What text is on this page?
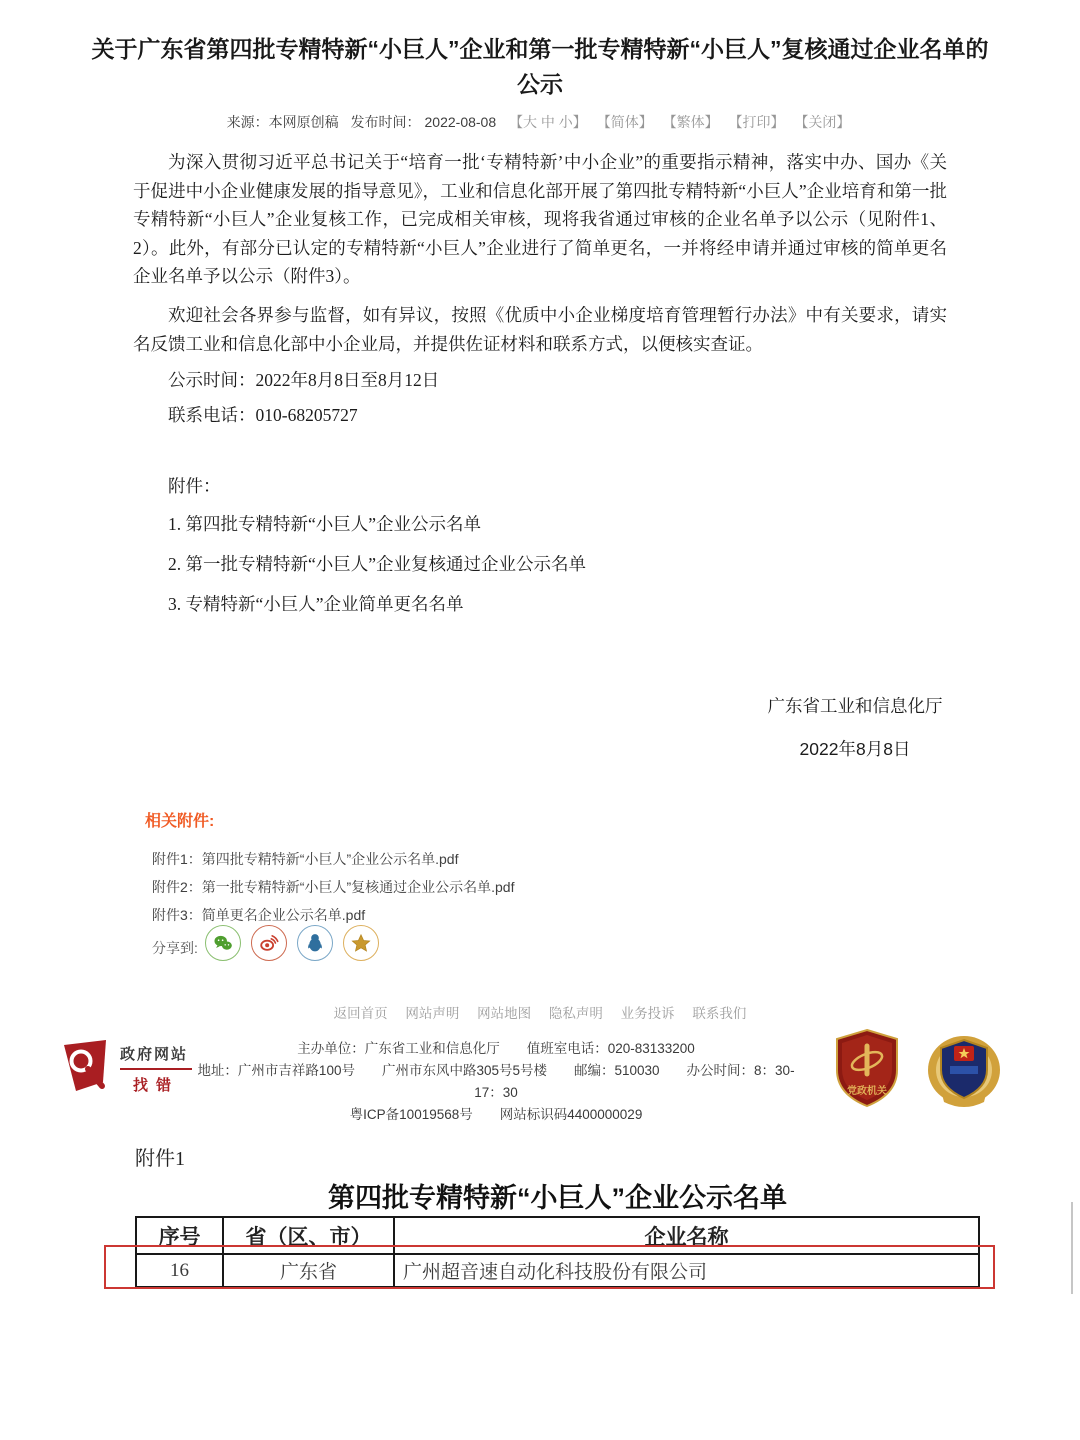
关于广东省第四批专精特新“小巨人”企业和第一批专精特新“小巨人”复核通过企业名单的公示
来源：本网原创稿 发布时间： 2022-08-08 【大 中 小】 【简体】 【繁体】 【打印】 【关闭】

为深入贯彻习近平总书记关于“培育一批‘专精特新’中小企业”的重要指示精神，落实中办、国办《关于促进中小企业健康发展的指导意见》，工业和信息化部开展了第四批专精特新“小巨人”企业培育和第一批专精特新“小巨人”企业复核工作，已完成相关审核，现将我省通过审核的企业名单予以公示（见附件1、2）。此外，有部分已认定的专精特新“小巨人”企业进行了简单更名，一并将经申请并通过审核的简单更名企业名单予以公示（附件3）。

欢迎社会各界参与监督，如有异议，按照《优质中小企业梯度培育管理暂行办法》中有关要求，请实名反馈工业和信息化部中小企业局，并提供佐证材料和联系方式，以便核实查证。

公示时间：2022年8月8日至8月12日
联系电话：010-68205727
附件：
1. 第四批专精特新“小巨人”企业公示名单
2. 第一批专精特新“小巨人”企业复核通过企业公示名单
3. 专精特新“小巨人”企业简单更名名单
广东省工业和信息化厅
2022年8月8日
相关附件:
附件1：第四批专精特新“小巨人”企业公示名单.pdf
附件2：第一批专精特新“小巨人”复核通过企业公示名单.pdf
附件3：简单更名企业公示名单.pdf
分享到:
返回首页 网站声明 网站地图 隐私声明 业务投诉 联系我们
政府网站
找错
主办单位：广东省工业和信息化厅　　值班室电话：020-83133200
地址：广州市吉祥路100号　　广州市东风中路305号5号楼　　邮编：510030　　办公时间：8：30-17：30
粤ICP备10019568号　　网站标识码4400000029
党政机关
附件1
第四批专精特新“小巨人”企业公示名单
序号	省（区、市）	企业名称
16	广东省	广州超音速自动化科技股份有限公司
